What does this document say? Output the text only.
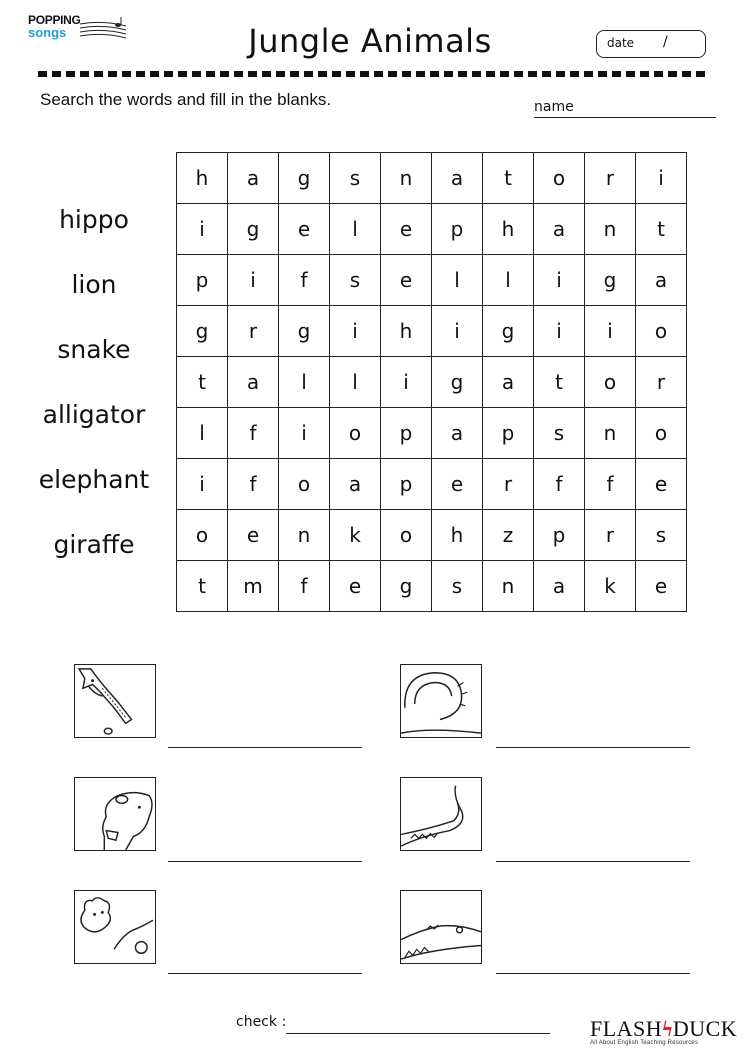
POPPING
songs	Jungle Animals	date /
Search the words and fill in the blanks.	name
hippo
lion
snake
alligator
elephant
giraffe
h	a	g	s	n	a	t	o	r	i
i	g	e	l	e	p	h	a	n	t
p	i	f	s	e	l	l	i	g	a
g	r	g	i	h	i	g	i	i	o
t	a	l	l	i	g	a	t	o	r
l	f	i	o	p	a	p	s	n	o
i	f	o	a	p	e	r	f	f	e
o	e	n	k	o	h	z	p	r	s
t	m	f	e	g	s	n	a	k	e
check :	FLASHϟDUCK
All About English Teaching Resources
